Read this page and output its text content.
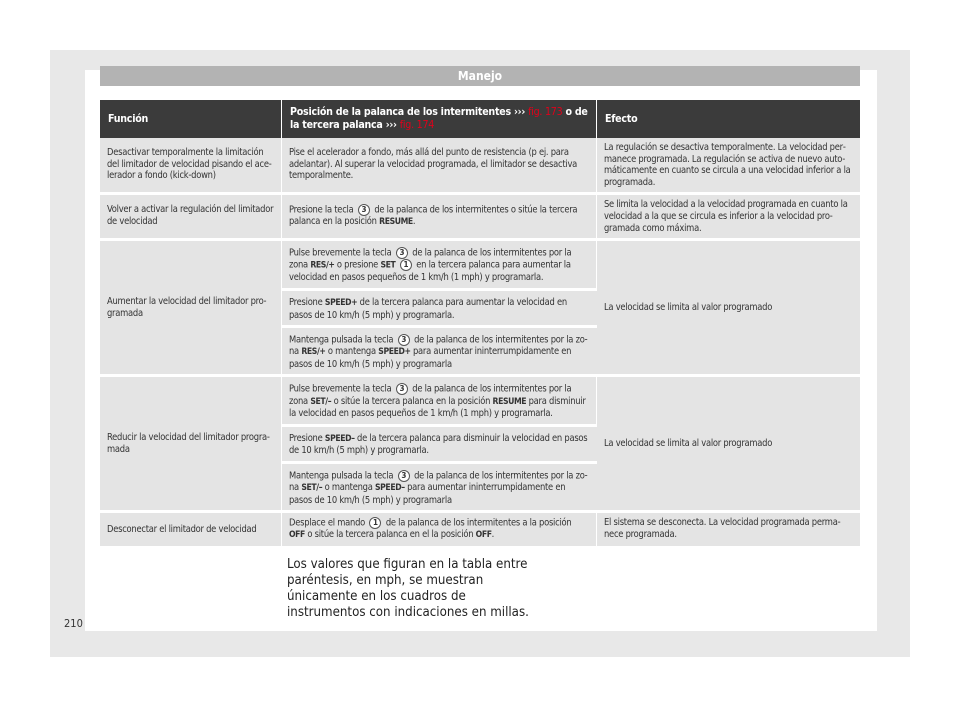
Manejo
Función	Posición de la palanca de los intermitentes ››› fig. 173 o de la tercera palanca ››› fig. 174	Efecto
Desactivar temporalmente la limitación del limitador de velocidad pisando el acelerador a fondo (kick-down)	Pise el acelerador a fondo, más allá del punto de resistencia (p ej. para adelantar). Al superar la velocidad programada, el limitador se desactiva temporalmente.	La regulación se desactiva temporalmente. La velocidad permanece programada. La regulación se activa de nuevo automáticamente en cuanto se circula a una velocidad inferior a la programada.
Volver a activar la regulación del limitador de velocidad	Presione la tecla 3 de la palanca de los intermitentes o sitúe la tercera palanca en la posición RESUME.	Se limita la velocidad a la velocidad programada en cuanto la velocidad a la que se circula es inferior a la velocidad programada como máxima.
Aumentar la velocidad del limitador programada	Pulse brevemente la tecla 3 de la palanca de los intermitentes por la zona RES/+ o presione SET 1 en la tercera palanca para aumentar la velocidad en pasos pequeños de 1 km/h (1 mph) y programarla.	La velocidad se limita al valor programado
	Presione SPEED+ de la tercera palanca para aumentar la velocidad en pasos de 10 km/h (5 mph) y programarla.	
	Mantenga pulsada la tecla 3 de la palanca de los intermitentes por la zona RES/+ o mantenga SPEED+ para aumentar ininterrumpidamente en pasos de 10 km/h (5 mph) y programarla	
Reducir la velocidad del limitador programada	Pulse brevemente la tecla 3 de la palanca de los intermitentes por la zona SET/– o sitúe la tercera palanca en la posición RESUME para disminuir la velocidad en pasos pequeños de 1 km/h (1 mph) y programarla.	La velocidad se limita al valor programado
	Presione SPEED– de la tercera palanca para disminuir la velocidad en pasos de 10 km/h (5 mph) y programarla.	
	Mantenga pulsada la tecla 3 de la palanca de los intermitentes por la zona SET/– o mantenga SPEED– para aumentar ininterrumpidamente en pasos de 10 km/h (5 mph) y programarla	
Desconectar el limitador de velocidad	Desplace el mando 1 de la palanca de los intermitentes a la posición OFF o sitúe la tercera palanca en el la posición OFF.	El sistema se desconecta. La velocidad programada permanece programada.
Los valores que figuran en la tabla entre paréntesis, en mph, se muestran únicamente en los cuadros de instrumentos con indicaciones en millas.
210
